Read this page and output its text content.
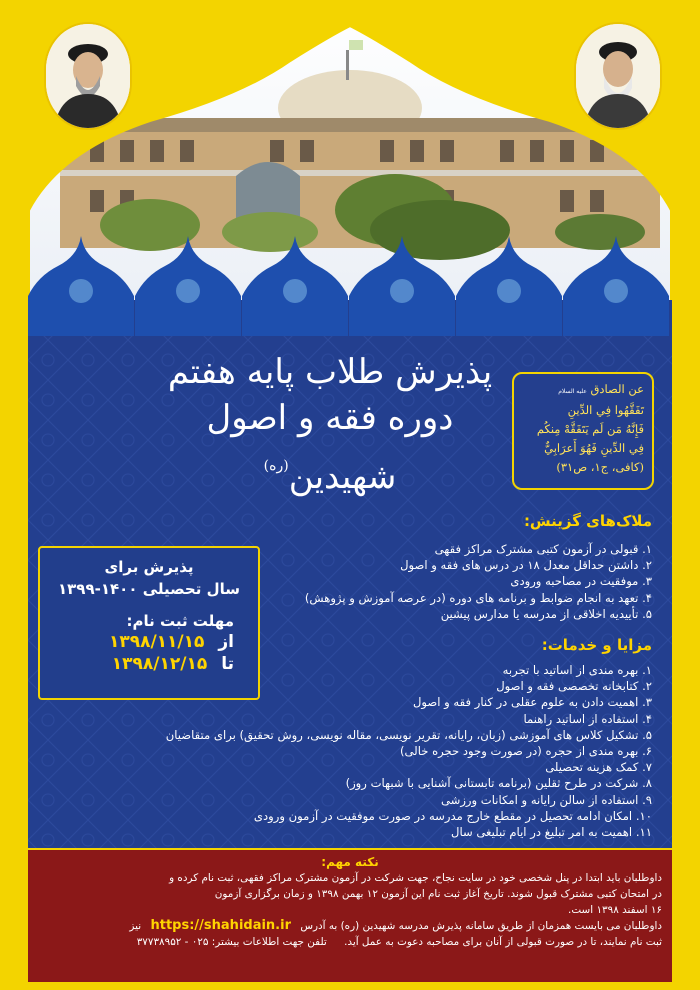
پذیرش طلاب پایه هفتم
دوره فقه و اصول شهیدین$^{(ره)}$
عن الصادق علیه السلام
تَفَقَّهُوا فِي الدِّينِ
فَإِنَّهُ مَن لَم يَتَفَقَّهْ مِنكُم
فِي الدِّينِ فَهُوَ أَعرَابِيٌّ
(کافی، ج۱، ص۳۱)
ملاک‌های گزینش:
۱. قبولی در آزمون کتبی مشترک مراکز فقهی
۲. داشتن حداقل معدل ۱۸ در درس های فقه و اصول
۳. موفقیت در مصاحبه ورودی
۴. تعهد به انجام ضوابط و برنامه های دوره (در عرصه آموزش و پژوهش)
۵. تأییدیه اخلاقی از مدرسه یا مدارس پیشین
پذیرش برای
سال تحصیلی ۱۴۰۰-۱۳۹۹
مهلت ثبت نام:
از۱۳۹۸/۱۱/۱۵
تا۱۳۹۸/۱۲/۱۵
مزایا و خدمات:
۱. بهره مندی از اساتید با تجربه
۲. کتابخانه تخصصی فقه و اصول
۳. اهمیت دادن به علوم عقلی در کنار فقه و اصول
۴. استفاده از اساتید راهنما
۵. تشکیل کلاس های آموزشی (زبان، رایانه، تقریر نویسی، مقاله نویسی، روش تحقیق) برای متقاضیان
۶. بهره مندی از حجره (در صورت وجود حجره خالی)
۷. کمک هزینه تحصیلی
۸. شرکت در طرح ثقلین (برنامه تابستانی آشنایی با شبهات روز)
۹. استفاده از سالن رایانه و امکانات ورزشی
۱۰. امکان ادامه تحصیل در مقطع خارج مدرسه در صورت موفقیت در آزمون ورودی
۱۱. اهمیت به امر تبلیغ در ایام تبلیغی سال
نکته مهم:
داوطلبان باید ابتدا در پنل شخصی خود در سایت نجاح، جهت شرکت در آزمون مشترک مراکز فقهی، ثبت نام کرده و
در امتحان کتبی مشترک قبول شوند. تاریخ آغاز ثبت نام این آزمون ۱۲ بهمن ۱۳۹۸ و زمان برگزاری آزمون
۱۶ اسفند ۱۳۹۸ است.
داوطلبان می بایست همزمان از طریق سامانه پذیرش مدرسه شهیدین (ره) به آدرس https://shahidain.ir نیز
ثبت نام نمایند، تا در صورت قبولی از آنان برای مصاحبه دعوت به عمل آید. تلفن جهت اطلاعات بیشتر: ۰۲۵ - ۳۷۷۳۸۹۵۲
